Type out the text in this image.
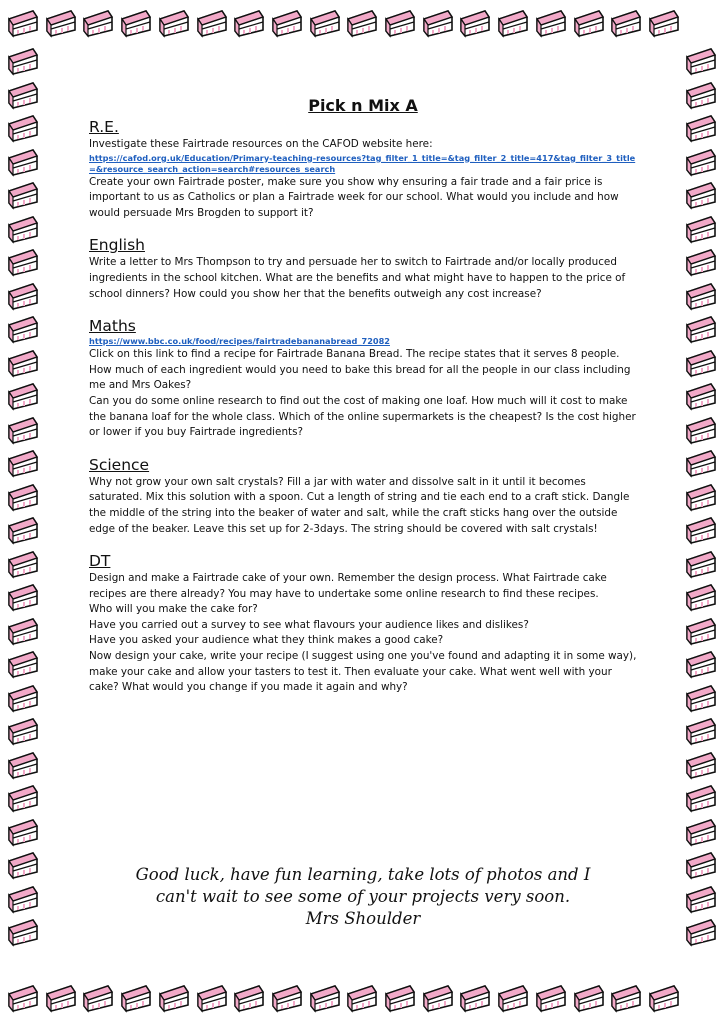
Pick n Mix A
R.E.

Investigate these Fairtrade resources on the CAFOD website here:

https://cafod.org.uk/Education/Primary-teaching-resources?tag_filter_1_title=&tag_filter_2_title=417&tag_filter_3_title=&resource_search_action=search#resources_search

Create your own Fairtrade poster, make sure you show why ensuring a fair trade and a fair price is important to us as Catholics or plan a Fairtrade week for our school. What would you include and how would persuade Mrs Brogden to support it?

English

Write a letter to Mrs Thompson to try and persuade her to switch to Fairtrade and/or locally produced ingredients in the school kitchen. What are the benefits and what might have to happen to the price of school dinners? How could you show her that the benefits outweigh any cost increase?

Maths
https://www.bbc.co.uk/food/recipes/fairtradebananabread_72082

Click on this link to find a recipe for Fairtrade Banana Bread. The recipe states that it serves 8 people. How much of each ingredient would you need to bake this bread for all the people in our class including me and Mrs Oakes?

Can you do some online research to find out the cost of making one loaf. How much will it cost to make the banana loaf for the whole class. Which of the online supermarkets is the cheapest? Is the cost higher or lower if you buy Fairtrade ingredients?

Science

Why not grow your own salt crystals? Fill a jar with water and dissolve salt in it until it becomes saturated. Mix this solution with a spoon. Cut a length of string and tie each end to a craft stick. Dangle the middle of the string into the beaker of water and salt, while the craft sticks hang over the outside edge of the beaker. Leave this set up for 2-3days. The string should be covered with salt crystals!

DT

Design and make a Fairtrade cake of your own. Remember the design process. What Fairtrade cake recipes are there already? You may have to undertake some online research to find these recipes.

Who will you make the cake for?

Have you carried out a survey to see what flavours your audience likes and dislikes?

Have you asked your audience what they think makes a good cake?

Now design your cake, write your recipe (I suggest using one you've found and adapting it in some way), make your cake and allow your tasters to test it. Then evaluate your cake. What went well with your cake? What would you change if you made it again and why?

Good luck, have fun learning, take lots of photos and I
can't wait to see some of your projects very soon.
Mrs Shoulder
